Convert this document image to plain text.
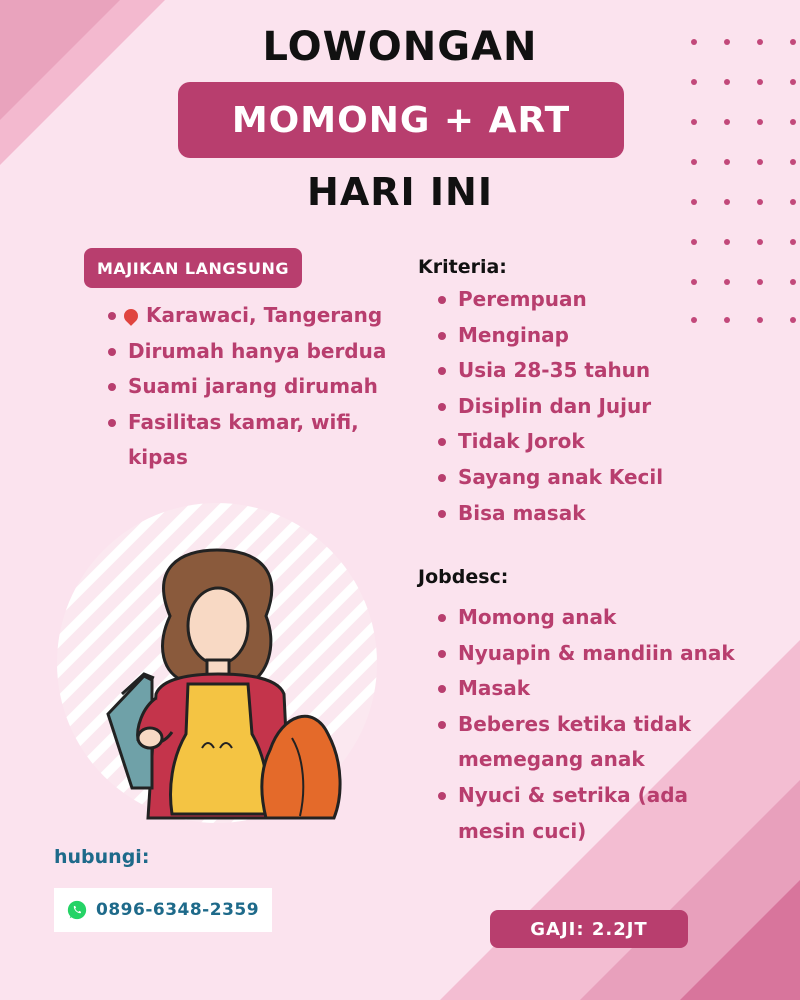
LOWONGAN
MOMONG + ART
HARI INI
MAJIKAN LANGSUNG
Karawaci, Tangerang
Dirumah hanya berdua
Suami jarang dirumah
Fasilitas kamar, wifi, kipas
Kriteria:
Perempuan
Menginap
Usia 28-35 tahun
Disiplin dan Jujur
Tidak Jorok
Sayang anak Kecil
Bisa masak
Jobdesc:
Momong anak
Nyuapin & mandiin anak
Masak
Beberes ketika tidak memegang anak
Nyuci & setrika (ada mesin cuci)
hubungi:
0896-6348-2359
GAJI: 2.2JT
